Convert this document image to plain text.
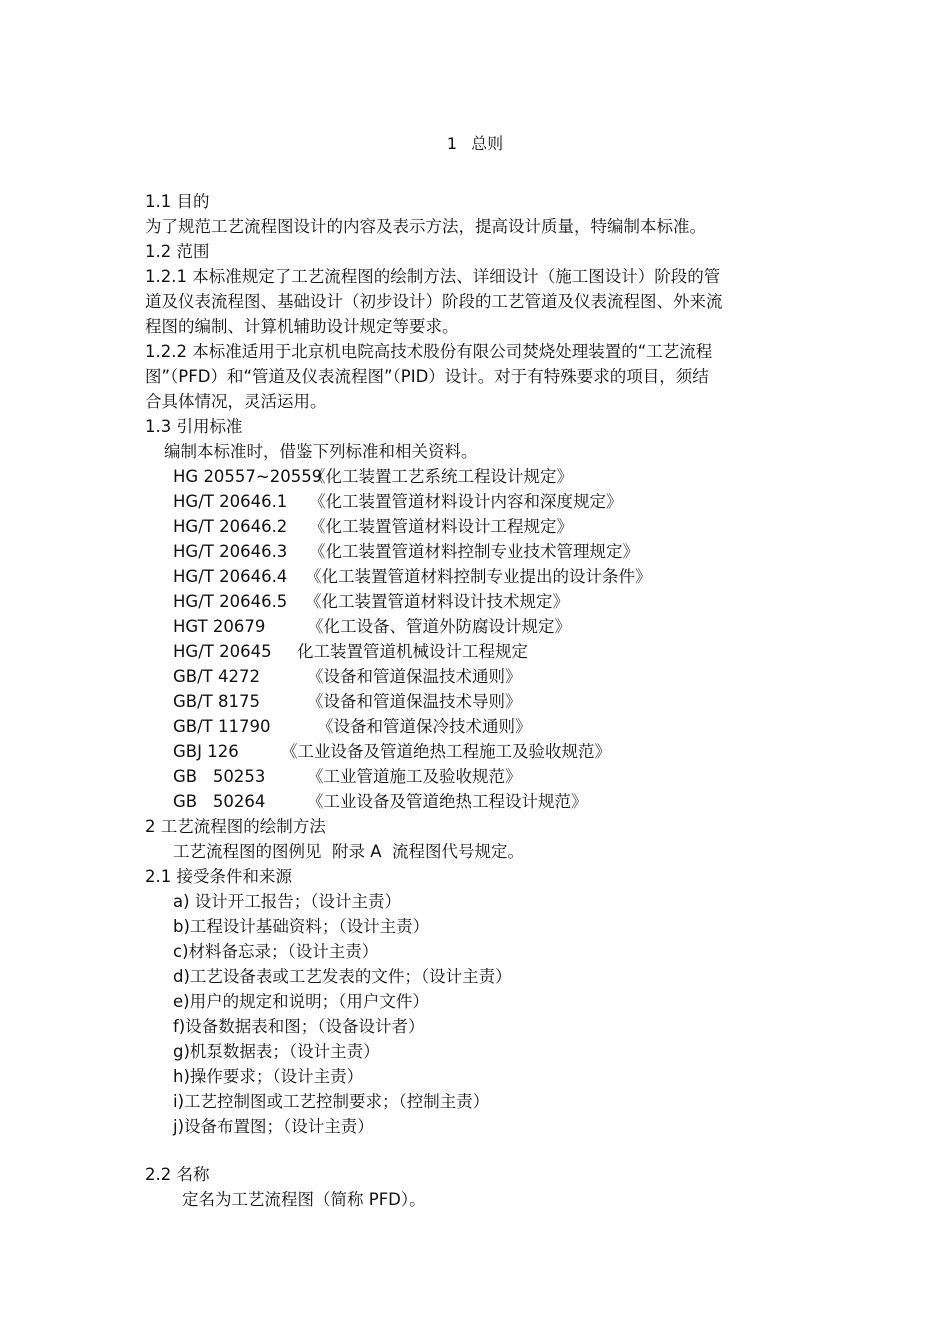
1 总则
1.1 目的
为了规范工艺流程图设计的内容及表示方法，提高设计质量，特编制本标准。
1.2 范围
1.2.1 本标准规定了工艺流程图的绘制方法、详细设计（施工图设计）阶段的管
道及仪表流程图、基础设计（初步设计）阶段的工艺管道及仪表流程图、外来流
程图的编制、计算机辅助设计规定等要求。
1.2.2 本标准适用于北京机电院高技术股份有限公司焚烧处理装置的“工艺流程
图”（PFD）和“管道及仪表流程图”（PID）设计。对于有特殊要求的项目，须结
合具体情况，灵活运用。
1.3 引用标准
编制本标准时，借鉴下列标准和相关资料。
HG 20557~20559《化工装置工艺系统工程设计规定》
HG/T 20646.1 《化工装置管道材料设计内容和深度规定》
HG/T 20646.2 《化工装置管道材料设计工程规定》
HG/T 20646.3 《化工装置管道材料控制专业技术管理规定》
HG/T 20646.4 《化工装置管道材料控制专业提出的设计条件》
HG/T 20646.5 《化工装置管道材料设计技术规定》
HGT 20679	《化工设备、管道外防腐设计规定》
HG/T 20645 化工装置管道机械设计工程规定
GB/T 4272	《设备和管道保温技术通则》
GB/T 8175	《设备和管道保温技术导则》
GB/T 11790	《设备和管道保冷技术通则》
GBJ 126	《工业设备及管道绝热工程施工及验收规范》
GB   50253	《工业管道施工及验收规范》
GB   50264	《工业设备及管道绝热工程设计规范》
2 工艺流程图的绘制方法
工艺流程图的图例见  附录 A  流程图代号规定。
2.1 接受条件和来源
a) 设计开工报告；（设计主责）
b)工程设计基础资料；（设计主责）
c)材料备忘录；（设计主责）
d)工艺设备表或工艺发表的文件；（设计主责）
e)用户的规定和说明；（用户文件）
f)设备数据表和图；（设备设计者）
g)机泵数据表；（设计主责）
h)操作要求；（设计主责）
i)工艺控制图或工艺控制要求；（控制主责）
j)设备布置图；（设计主责）
2.2 名称
定名为工艺流程图（简称 PFD）。
